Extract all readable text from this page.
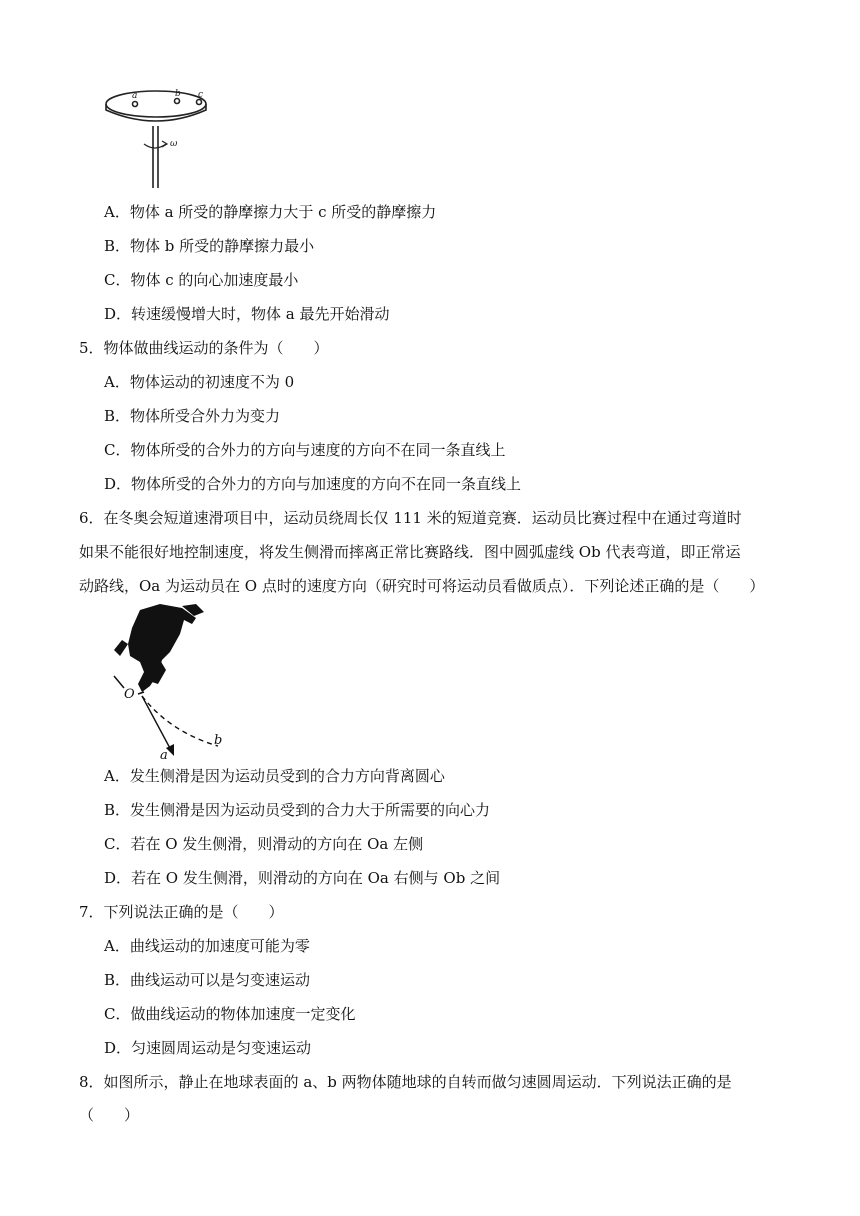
a	b c
ω
A．物体 a 所受的静摩擦力大于 c 所受的静摩擦力
B．物体 b 所受的静摩擦力最小
C．物体 c 的向心加速度最小
D．转速缓慢增大时，物体 a 最先开始滑动
5．物体做曲线运动的条件为（　　）
A．物体运动的初速度不为 0
B．物体所受合外力为变力
C．物体所受的合外力的方向与速度的方向不在同一条直线上
D．物体所受的合外力的方向与加速度的方向不在同一条直线上
6．在冬奥会短道速滑项目中，运动员绕周长仅 111 米的短道竞赛．运动员比赛过程中在通过弯道时
如果不能很好地控制速度，将发生侧滑而摔离正常比赛路线．图中圆弧虚线 Ob 代表弯道，即正常运
动路线，Oa 为运动员在 O 点时的速度方向（研究时可将运动员看做质点）．下列论述正确的是（　　）
O
a
b
A．发生侧滑是因为运动员受到的合力方向背离圆心
B．发生侧滑是因为运动员受到的合力大于所需要的向心力
C．若在 O 发生侧滑，则滑动的方向在 Oa 左侧
D．若在 O 发生侧滑，则滑动的方向在 Oa 右侧与 Ob 之间
7．下列说法正确的是（　　）
A．曲线运动的加速度可能为零
B．曲线运动可以是匀变速运动
C．做曲线运动的物体加速度一定变化
D．匀速圆周运动是匀变速运动
8．如图所示，静止在地球表面的 a、b 两物体随地球的自转而做匀速圆周运动．下列说法正确的是
（　　）
